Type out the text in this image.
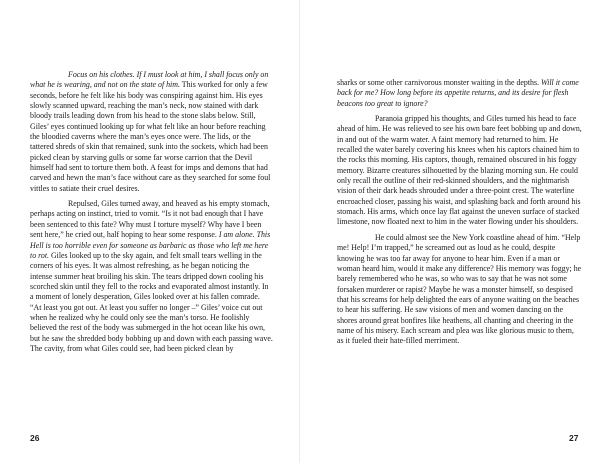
Focus on his clothes. If I must look at him, I shall focus only on what he is wearing, and not on the state of him. This worked for only a few seconds, before he felt like his body was conspiring against him. His eyes slowly scanned upward, reaching the man’s neck, now stained with dark bloody trails leading down from his head to the stone slabs below. Still, Giles’ eyes continued looking up for what felt like an hour before reaching the bloodied caverns where the man’s eyes once were. The lids, or the tattered shreds of skin that remained, sunk into the sockets, which had been picked clean by starving gulls or some far worse carrion that the Devil himself had sent to torture them both. A feast for imps and demons that had carved and hewn the man’s face without care as they searched for some foul vittles to satiate their cruel desires.

Repulsed, Giles turned away, and heaved as his empty stomach, perhaps acting on instinct, tried to vomit. “Is it not bad enough that I have been sentenced to this fate? Why must I torture myself? Why have I been sent here,” he cried out, half hoping to hear some response. I am alone. This Hell is too horrible even for someone as barbaric as those who left me here to rot. Giles looked up to the sky again, and felt small tears welling in the corners of his eyes. It was almost refreshing, as he began noticing the intense summer heat broiling his skin. The tears dripped down cooling his scorched skin until they fell to the rocks and evaporated almost instantly. In a moment of lonely desperation, Giles looked over at his fallen comrade. “At least you got out. At least you suffer no longer –” Giles’ voice cut out when he realized why he could only see the man’s torso. He foolishly believed the rest of the body was submerged in the hot ocean like his own, but he saw the shredded body bobbing up and down with each passing wave. The cavity, from what Giles could see, had been picked clean by

26

sharks or some other carnivorous monster waiting in the depths. Will it come back for me? How long before its appetite returns, and its desire for flesh beacons too great to ignore?

Paranoia gripped his thoughts, and Giles turned his head to face ahead of him. He was relieved to see his own bare feet bobbing up and down, in and out of the warm water. A faint memory had returned to him. He recalled the water barely covering his knees when his captors chained him to the rocks this morning. His captors, though, remained obscured in his foggy memory. Bizarre creatures silhouetted by the blazing morning sun. He could only recall the outline of their red-skinned shoulders, and the nightmarish vision of their dark heads shrouded under a three-point crest. The waterline encroached closer, passing his waist, and splashing back and forth around his stomach. His arms, which once lay flat against the uneven surface of stacked limestone, now floated next to him in the water flowing under his shoulders.

He could almost see the New York coastline ahead of him. “Help me! Help! I’m trapped,” he screamed out as loud as he could, despite knowing he was too far away for anyone to hear him. Even if a man or woman heard him, would it make any difference? His memory was foggy; he barely remembered who he was, so who was to say that he was not some forsaken murderer or rapist? Maybe he was a monster himself, so despised that his screams for help delighted the ears of anyone waiting on the beaches to hear his suffering. He saw visions of men and women dancing on the shores around great bonfires like heathens, all chanting and cheering in the name of his misery. Each scream and plea was like glorious music to them, as it fueled their hate-filled merriment.

27
